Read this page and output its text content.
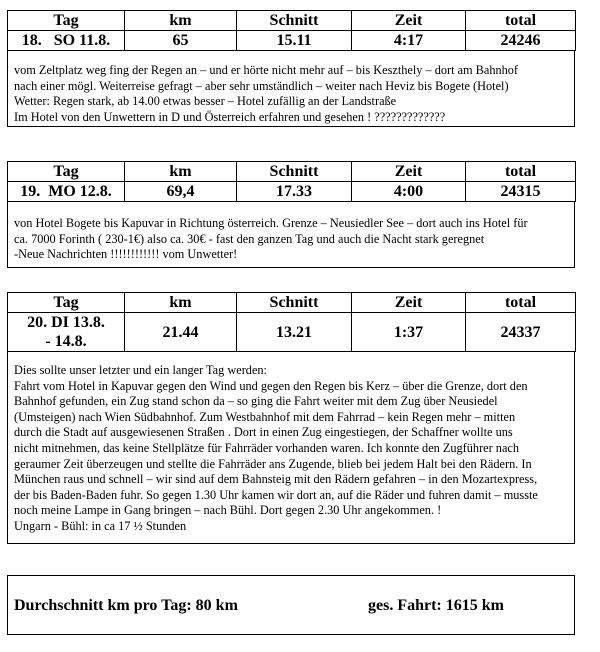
Tag	km	Schnitt	Zeit	total
18.   SO 11.8.	65	15.11	4:17	24246

vom Zeltplatz weg fing der Regen an – und er hörte nicht mehr auf – bis Keszthely – dort am Bahnhof

nach einer mögl. Weiterreise gefragt – aber sehr umständlich – weiter nach Heviz bis Bogete (Hotel)

Wetter: Regen stark, ab 14.00 etwas besser – Hotel zufällig an der Landstraße

Im Hotel von den Unwettern in D und Österreich erfahren und gesehen ! ?????????????

Tag	km	Schnitt	Zeit	total
19.  MO 12.8.	69,4	17.33	4:00	24315

von Hotel Bogete bis Kapuvar in Richtung österreich. Grenze – Neusiedler See – dort auch ins Hotel für

ca. 7000 Forinth ( 230-1€) also ca. 30€ - fast den ganzen Tag und auch die Nacht stark geregnet

-Neue Nachrichten !!!!!!!!!!!! vom Unwetter!

Tag	km	Schnitt	Zeit	total

20. DI 13.8.
- 14.8.	21.44	13.21	1:37	24337

Dies sollte unser letzter und ein langer Tag werden:

Fahrt vom Hotel in Kapuvar gegen den Wind und gegen den Regen bis Kerz – über die Grenze, dort den

Bahnhof gefunden, ein Zug stand schon da – so ging die Fahrt weiter mit dem Zug über Neusiedel

(Umsteigen) nach Wien Südbahnhof. Zum Westbahnhof mit dem Fahrrad – kein Regen mehr – mitten

durch die Stadt auf ausgewiesenen Straßen . Dort in einen Zug eingestiegen, der Schaffner wollte uns

nicht mitnehmen, das keine Stellplätze für Fahrräder vorhanden waren. Ich konnte den Zugführer nach

geraumer Zeit überzeugen und stellte die Fahrräder ans Zugende, blieb bei jedem Halt bei den Rädern. In

München raus und schnell – wir sind auf dem Bahnsteig mit den Rädern gefahren – in den Mozartexpress,

der bis Baden-Baden fuhr. So gegen 1.30 Uhr kamen wir dort an, auf die Räder und fuhren damit – musste

noch meine Lampe in Gang bringen – nach Bühl. Dort gegen 2.30 Uhr angekommen. !

Ungarn - Bühl: in ca 17 ½ Stunden

Durchschnitt km pro Tag: 80 km	ges. Fahrt: 1615 km
